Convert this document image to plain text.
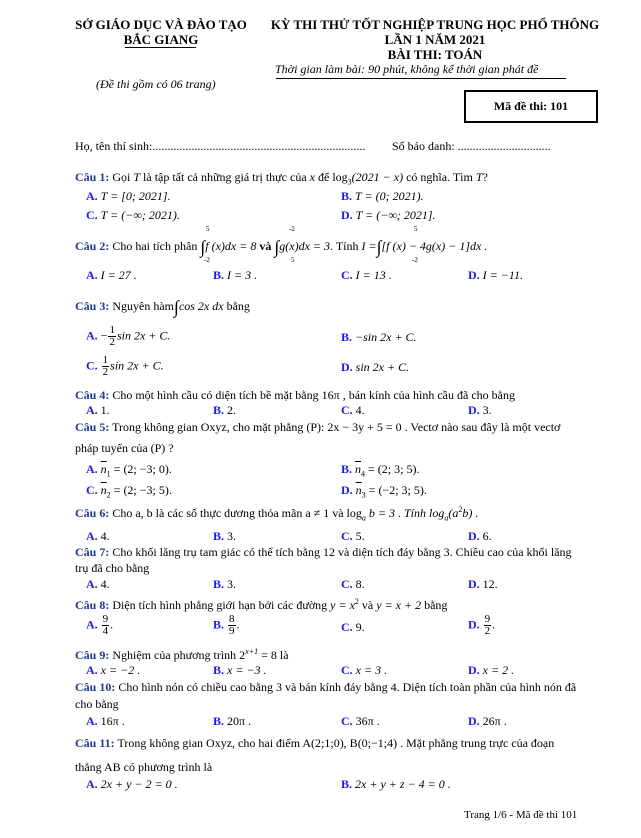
SỞ GIÁO DỤC VÀ ĐÀO TẠO
BẮC GIANG
(Đề thi gồm có 06 trang)
KỲ THI THỬ TỐT NGHIỆP TRUNG HỌC PHỔ THÔNG
LẦN 1 NĂM 2021
BÀI THI: TOÁN
Thời gian làm bài: 90 phút, không kể thời gian phát đề
Mã đề thi: 101
Họ, tên thí sinh:....................................................................... Số báo danh: ...............................
Câu 1: Gọi T là tập tất cả những giá trị thực của x để $\log_3(2021 - x)$ có nghĩa. Tìm T?
A. T = [0; 2021].	B. T = (0; 2021).
C. T = (−∞; 2021).	D. T = (−∞; 2021].
Câu 2: Cho hai tích phân ∫f (x)dx = 8 và ∫g(x)dx = 3. Tính I =∫[f (x) − 4g(x) − 1]dx .
5
-2
-2
5
5
-2
A. I = 27 .	B. I = 3 .	C. I = 13 .	D. I = −11.
Câu 3: Nguyên hàm∫cos 2x dx bằng
A. − $\frac{1}{2}$ sin 2x + C.	B. −sin 2x + C.
C. $\frac{1}{2}$ sin 2x + C.	D. sin 2x + C.
Câu 4: Cho một hình cầu có diện tích bề mặt bằng 16π , bán kính của hình cầu đã cho bằng
A. 1.	B. 2.	C. 4.	D. 3.
Câu 5: Trong không gian Oxyz, cho mặt phẳng (P): 2x − 3y + 5 = 0 . Vectơ nào sau đây là một vectơ
pháp tuyến của (P) ?
A. $\overline{n}_1 = (2$; −3; 0).	B. $\overline{n}_4 = (2$; 3; 5).
C. $\overline{n}_2 = (2$; −3; 5).	D. $\overline{n}_3 = (-2$; 3; 5).
Câu 6: Cho a, b là các số thực dương thỏa mãn a ≠ 1 và $\log_a b = 3$ . Tính $\log_a(a^2b)$ .
A. 4.	B. 3.	C. 5.	D. 6.
Câu 7: Cho khối lăng trụ tam giác có thể tích bằng 12 và diện tích đáy bằng 3. Chiều cao của khối lăng
trụ đã cho bằng
A. 4.	B. 3.	C. 8.	D. 12.
Câu 8: Diện tích hình phẳng giới hạn bởi các đường $y = x^2$ và y = x + 2 bằng
A. $\frac{9}{4}$ .	B. $\frac{8}{9}$ .	C. 9.	D. $\frac{9}{2}$ .
Câu 9: Nghiệm của phương trình $2^{x+1} = 8$ là
A. x = −2 .	B. x = −3 .	C. x = 3 .	D. x = 2 .
Câu 10: Cho hình nón có chiều cao bằng 3 và bán kính đáy bằng 4. Diện tích toàn phần của hình nón đã
cho bằng
A. 16π .	B. 20π .	C. 36π .	D. 26π .
Câu 11: Trong không gian Oxyz, cho hai điểm A(2;1;0), B(0;−1;4) . Mặt phẳng trung trực của đoạn
thẳng AB có phương trình là
A. 2x + y − 2 = 0 .	B. 2x + y + z − 4 = 0 .
Trang 1/6 - Mã đề thi 101
